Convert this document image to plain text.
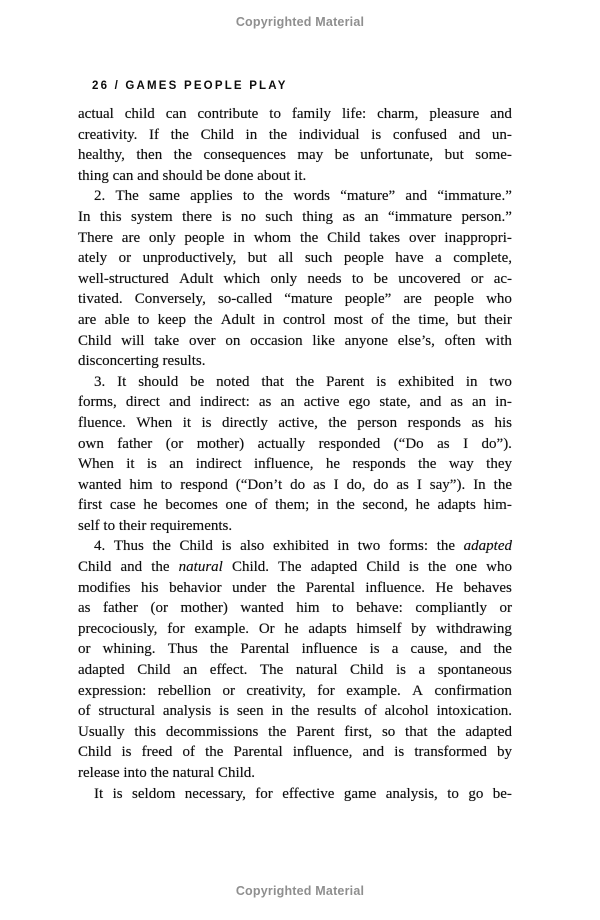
Copyrighted Material
26 / GAMES PEOPLE PLAY
actual child can contribute to family life: charm, pleasure and
creativity. If the Child in the individual is confused and un-
healthy, then the consequences may be unfortunate, but some-
thing can and should be done about it.
2. The same applies to the words “mature” and “immature.”
In this system there is no such thing as an “immature person.”
There are only people in whom the Child takes over inappropri-
ately or unproductively, but all such people have a complete,
well-structured Adult which only needs to be uncovered or ac-
tivated. Conversely, so-called “mature people” are people who
are able to keep the Adult in control most of the time, but their
Child will take over on occasion like anyone else’s, often with
disconcerting results.
3. It should be noted that the Parent is exhibited in two
forms, direct and indirect: as an active ego state, and as an in-
fluence. When it is directly active, the person responds as his
own father (or mother) actually responded (“Do as I do”).
When it is an indirect influence, he responds the way they
wanted him to respond (“Don’t do as I do, do as I say”). In the
first case he becomes one of them; in the second, he adapts him-
self to their requirements.
4. Thus the Child is also exhibited in two forms: the adapted
Child and the natural Child. The adapted Child is the one who
modifies his behavior under the Parental influence. He behaves
as father (or mother) wanted him to behave: compliantly or
precociously, for example. Or he adapts himself by withdrawing
or whining. Thus the Parental influence is a cause, and the
adapted Child an effect. The natural Child is a spontaneous
expression: rebellion or creativity, for example. A confirmation
of structural analysis is seen in the results of alcohol intoxication.
Usually this decommissions the Parent first, so that the adapted
Child is freed of the Parental influence, and is transformed by
release into the natural Child.
It is seldom necessary, for effective game analysis, to go be-
Copyrighted Material
